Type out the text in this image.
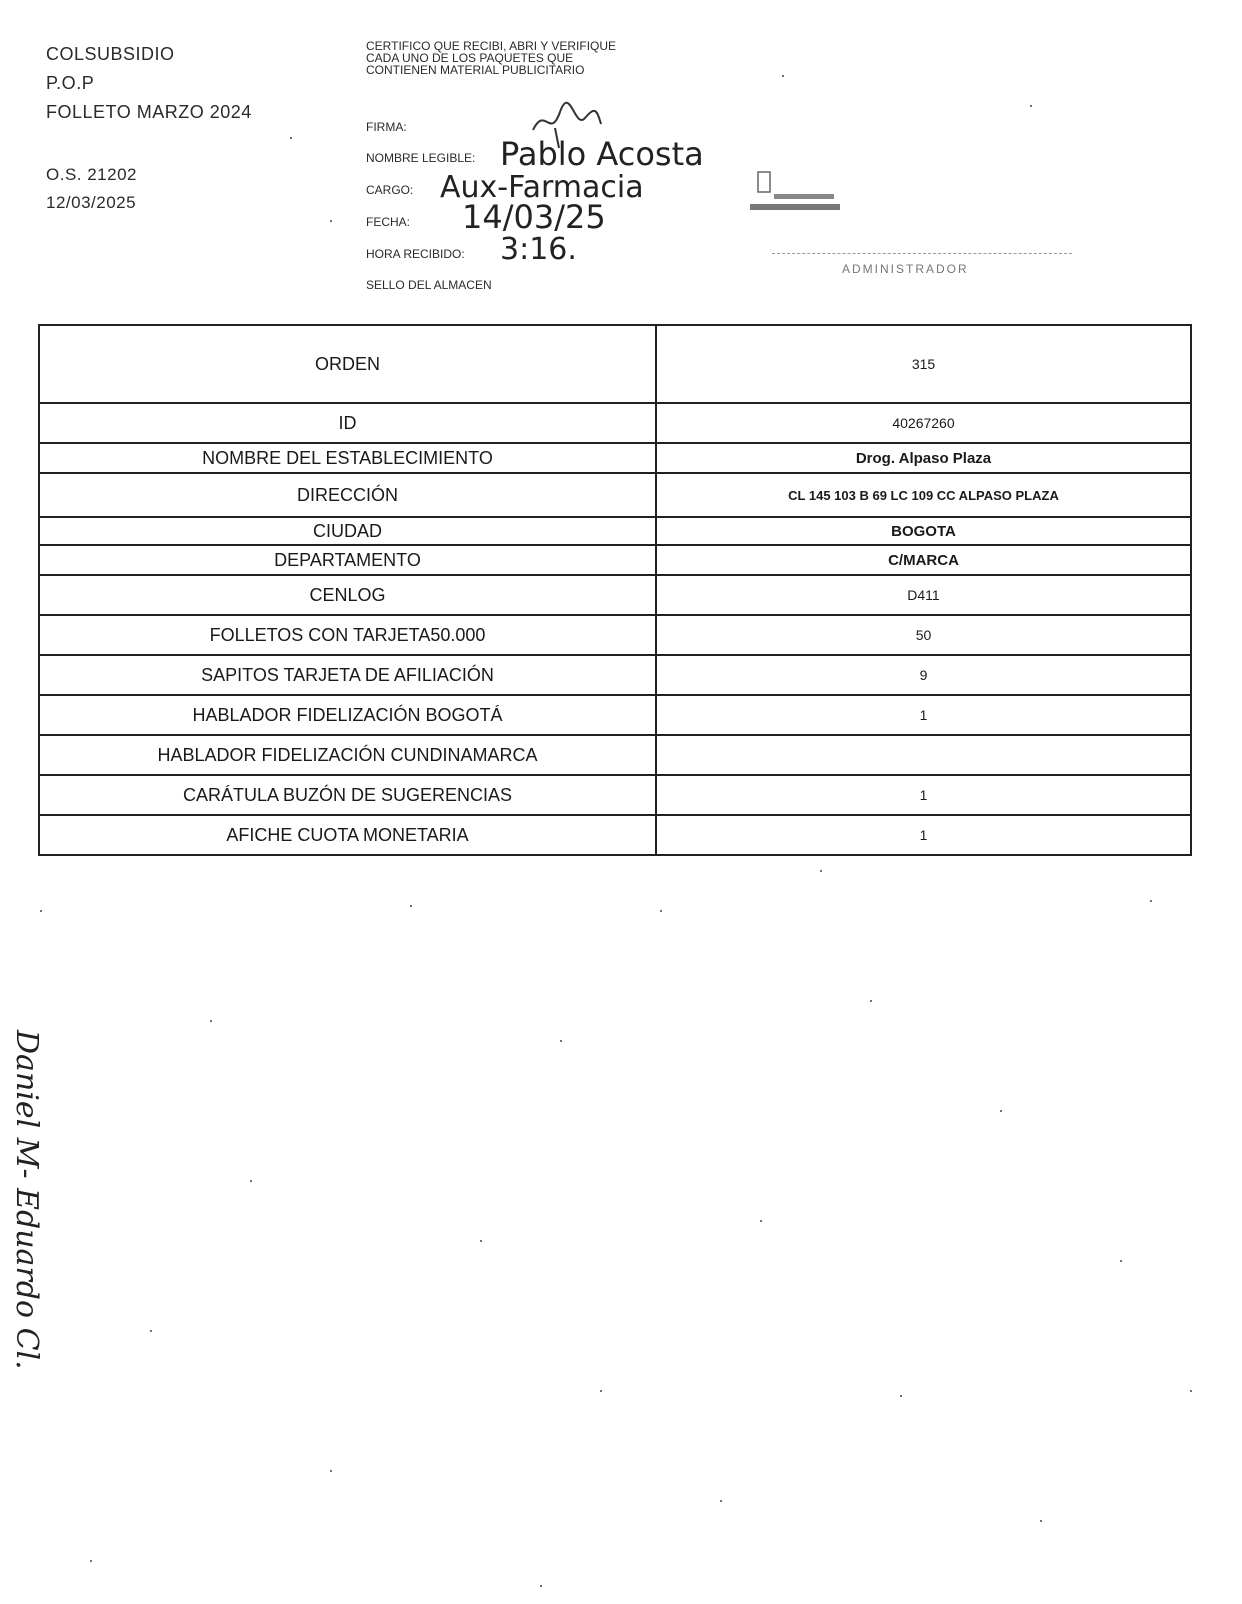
COLSUBSIDIO
P.O.P
FOLLETO MARZO 2024
O.S. 21202
12/03/2025
CERTIFICO QUE RECIBI, ABRI Y VERIFIQUE CADA UNO DE LOS PAQUETES QUE CONTIENEN MATERIAL PUBLICITARIO
FIRMA:
NOMBRE LEGIBLE: Pablo Acosta
CARGO: Aux-Farmacia
FECHA: 14/03/25
HORA RECIBIDO: 3:16.
SELLO DEL ALMACEN
ADMINISTRADOR
ORDEN	315
ID	40267260
NOMBRE DEL ESTABLECIMIENTO	Drog. Alpaso Plaza
DIRECCIÓN	CL 145 103 B 69 LC 109 CC ALPASO PLAZA
CIUDAD	BOGOTA
DEPARTAMENTO	C/MARCA
CENLOG	D411
FOLLETOS CON TARJETA50.000	50
SAPITOS TARJETA DE AFILIACIÓN	9
HABLADOR FIDELIZACIÓN BOGOTÁ	1
HABLADOR FIDELIZACIÓN CUNDINAMARCA	
CARÁTULA BUZÓN DE SUGERENCIAS	1
AFICHE CUOTA MONETARIA	1
Daniel M- Eduardo Cl.
